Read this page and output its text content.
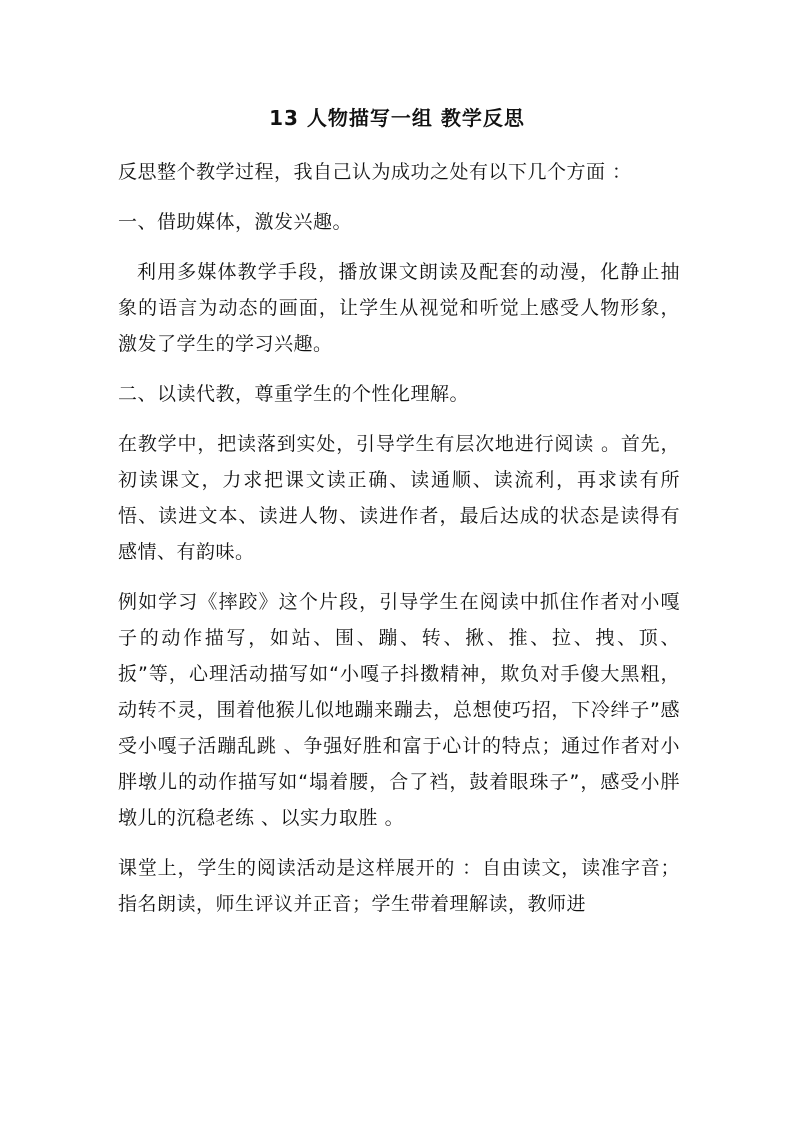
13 人物描写一组 教学反思

反思整个教学过程，我自己认为成功之处有以下几个方面 ：

一、借助媒体，激发兴趣。

利用多媒体教学手段，播放课文朗读及配套的动漫，化静止抽象的语言为动态的画面，让学生从视觉和听觉上感受人物形象，激发了学生的学习兴趣。

二、以读代教，尊重学生的个性化理解。

在教学中，把读落到实处，引导学生有层次地进行阅读 。首先，初读课文，力求把课文读正确、读通顺、读流利，再求读有所悟、读进文本、读进人物、读进作者，最后达成的状态是读得有感情、有韵味。

例如学习《摔跤》这个片段，引导学生在阅读中抓住作者对小嘎子的动作描写，如站、围、蹦、转、揪、推、拉、拽、顶、扳”等，心理活动描写如“小嘎子抖擞精神，欺负对手傻大黑粗，动转不灵，围着他猴儿似地蹦来蹦去，总想使巧招，下冷绊子”感受小嘎子活蹦乱跳 、争强好胜和富于心计的特点；通过作者对小胖墩儿的动作描写如“塌着腰，合了裆，鼓着眼珠子”，感受小胖墩儿的沉稳老练 、以实力取胜 。

课堂上，学生的阅读活动是这样展开的 ：自由读文，读准字音；指名朗读，师生评议并正音；学生带着理解读，教师进
